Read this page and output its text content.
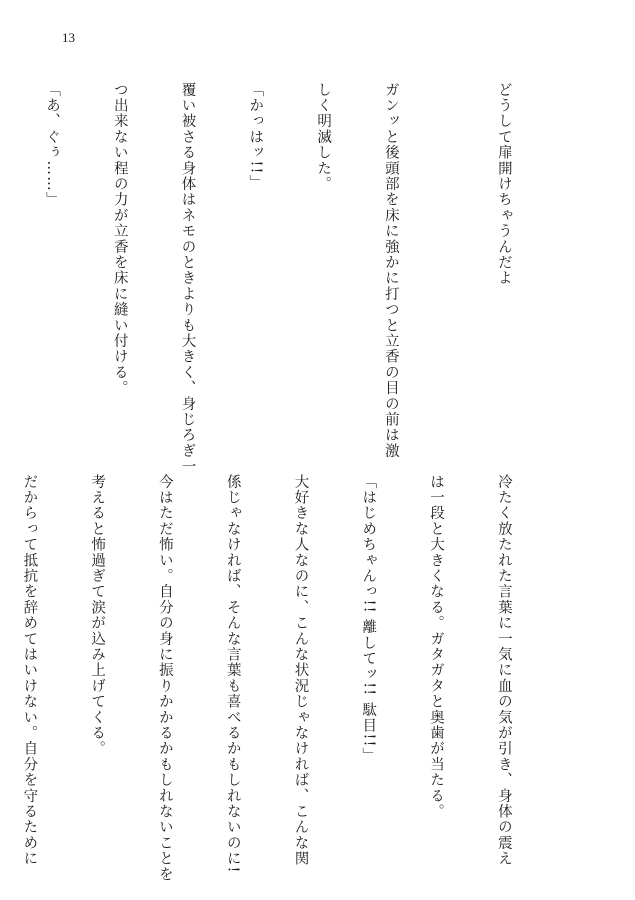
13

どうして扉開けちゃうんだよ

ガンッと後頭部を床に強かに打つと立香の目の前は激

しく明滅した。

「かっはッ!!」

覆い被さる身体はネモのときよりも大きく、身じろぎ一

つ出来ない程の力が立香を床に縫い付ける。

「あ、ぐぅ……」

冷たく放たれた言葉に一気に血の気が引き、身体の震え

は一段と大きくなる。ガタガタと奥歯が当たる。

「はじめちゃんっ!! 離してッ!! 駄目!!」

大好きな人なのに、こんな状況じゃなければ、こんな関

係じゃなければ、そんな言葉も喜べるかもしれないのに!

今はただ怖い。自分の身に振りかかるかもしれないことを

考えると怖過ぎて涙が込み上げてくる。

だからって抵抗を辞めてはいけない。自分を守るために
